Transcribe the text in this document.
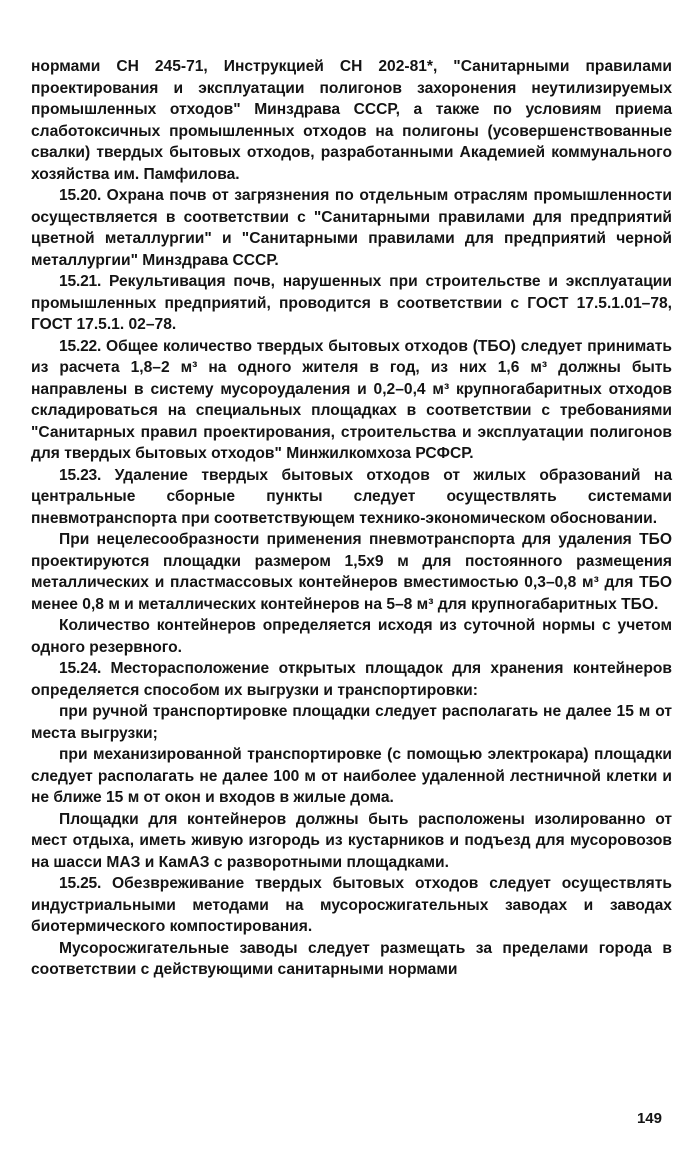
нормами СН 245-71, Инструкцией СН 202-81*, "Санитарными правилами проектирования и эксплуатации полигонов захоронения неутилизируемых промышленных отходов" Минздрава СССР, а также по условиям приема слаботоксичных промышленных отходов на полигоны (усовершенствованные свалки) твердых бытовых отходов, разработанными Академией коммунального хозяйства им. Памфилова.

15.20. Охрана почв от загрязнения по отдельным отраслям промышленности осуществляется в соответствии с "Санитарными правилами для предприятий цветной металлургии" и "Санитарными правилами для предприятий черной металлургии" Минздрава СССР.

15.21. Рекультивация почв, нарушенных при строительстве и эксплуатации промышленных предприятий, проводится в соответствии с ГОСТ 17.5.1.01–78, ГОСТ 17.5.1. 02–78.

15.22. Общее количество твердых бытовых отходов (ТБО) следует принимать из расчета 1,8–2 м³ на одного жителя в год, из них 1,6 м³ должны быть направлены в систему мусороудаления и 0,2–0,4 м³ крупногабаритных отходов складироваться на специальных площадках в соответствии с требованиями "Санитарных правил проектирования, строительства и эксплуатации полигонов для твердых бытовых отходов" Минжилкомхоза РСФСР.

15.23. Удаление твердых бытовых отходов от жилых образований на центральные сборные пункты следует осуществлять системами пневмотранспорта при соответствующем технико-экономическом обосновании.

При нецелесообразности применения пневмотранспорта для удаления ТБО проектируются площадки размером 1,5х9 м для постоянного размещения металлических и пластмассовых контейнеров вместимостью 0,3–0,8 м³ для ТБО менее 0,8 м и металлических контейнеров на 5–8 м³ для крупногабаритных ТБО.

Количество контейнеров определяется исходя из суточной нормы с учетом одного резервного.

15.24. Месторасположение открытых площадок для хранения контейнеров определяется способом их выгрузки и транспортировки:

при ручной транспортировке площадки следует располагать не далее 15 м от места выгрузки;

при механизированной транспортировке (с помощью электрокара) площадки следует располагать не далее 100 м от наиболее удаленной лестничной клетки и не ближе 15 м от окон и входов в жилые дома.

Площадки для контейнеров должны быть расположены изолированно от мест отдыха, иметь живую изгородь из кустарников и подъезд для мусоровозов на шасси МАЗ и КамАЗ с разворотными площадками.

15.25. Обезвреживание твердых бытовых отходов следует осуществлять индустриальными методами на мусоросжигательных заводах и заводах биотермического компостирования.

Мусоросжигательные заводы следует размещать за пределами города в соответствии с действующими санитарными нормами

149
